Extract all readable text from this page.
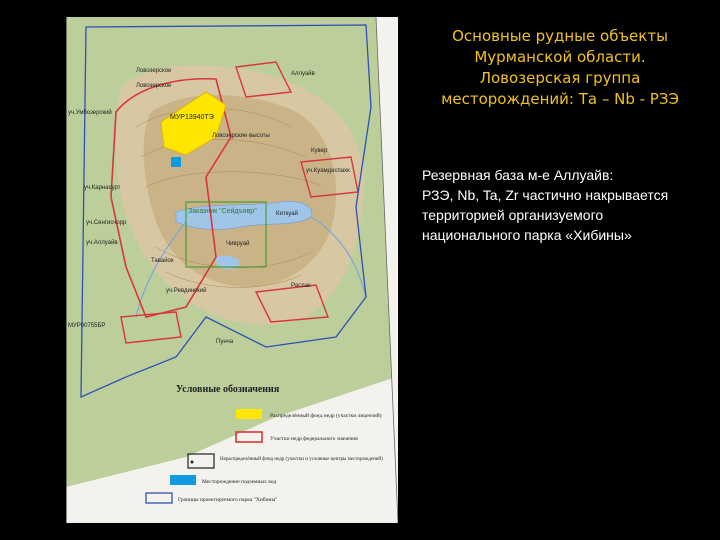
Ловозерское	Аллуайв
Ловозерское
уч.Умбозерский
МУР13940ТЭ
Ловозерские высоты
Кувер
уч.Куамдеспахк
уч.Карнасурт
уч.Сенгисчорр
Заказник "Сейдъявр"
Чивруай
Киткуай
Раслак
уч.Аллуайв
МУР00755БР
Пунча
уч.Ревдинский
Тавайок
Условные обозначения
Распределённый фонд недр (участки лицензий)
Участки недр федерального значения
Нераспределённый фонд недр (участки и условные центры месторождений)
Месторождение подземных вод
Границы проектируемого парка "Хибины"
Основные рудные объекты
Мурманской области.
Ловозерская группа
месторождений: Та – Nb - РЗЭ
Резервная база м-е Аллуайв:
РЗЭ, Nb, Ta, Zr частично накрывается
территорией организуемого
национального парка «Хибины»
